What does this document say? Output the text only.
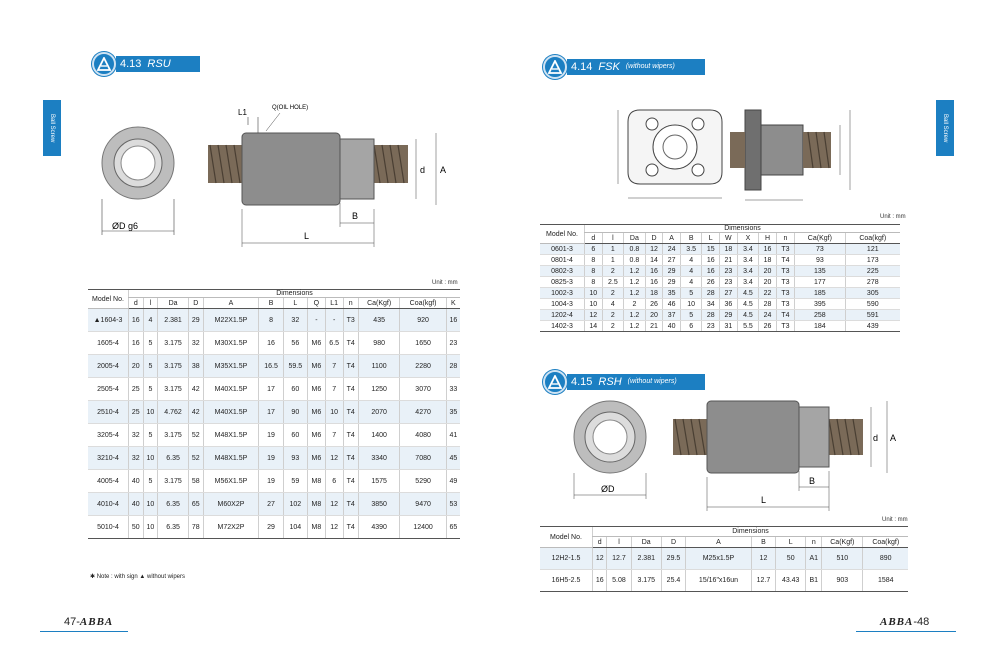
Ball Screw
4.13 RSU
ØD g6
L1	Q(OIL HOLE)
L
B
d A
Unit : mm
Model No.	Dimensions												
	d	l	Da	D	A	B	L	Q	L1	n	Ca(Kgf)	Coa(kgf)	K
▲1604-3	16	4	2.381	29	M22X1.5P	8	32	-	-	T3	435	920	16
1605-4	16	5	3.175	32	M30X1.5P	16	56	M6	6.5	T4	980	1650	23
2005-4	20	5	3.175	38	M35X1.5P	16.5	59.5	M6	7	T4	1100	2280	28
2505-4	25	5	3.175	42	M40X1.5P	17	60	M6	7	T4	1250	3070	33
2510-4	25	10	4.762	42	M40X1.5P	17	90	M6	10	T4	2070	4270	35
3205-4	32	5	3.175	52	M48X1.5P	19	60	M6	7	T4	1400	4080	41
3210-4	32	10	6.35	52	M48X1.5P	19	93	M6	12	T4	3340	7080	45
4005-4	40	5	3.175	58	M56X1.5P	19	59	M8	6	T4	1575	5290	49
4010-4	40	10	6.35	65	M60X2P	27	102	M8	12	T4	3850	9470	53
5010-4	50	10	6.35	78	M72X2P	29	104	M8	12	T4	4390	12400	65
✱ Note : with sign ▲ without wipers
47-ABBA
Ball Screw
4.14 FSK (without wipers)
Unit : mm
Model No.	Dimensions												
	d	l	Da	D	A	B	L	W	X	H	n	Ca(Kgf)	Coa(kgf)
0601-3	6	1	0.8	12	24	3.5	15	18	3.4	16	T3	73	121
0801-4	8	1	0.8	14	27	4	16	21	3.4	18	T4	93	173
0802-3	8	2	1.2	16	29	4	16	23	3.4	20	T3	135	225
0825-3	8	2.5	1.2	16	29	4	26	23	3.4	20	T3	177	278
1002-3	10	2	1.2	18	35	5	28	27	4.5	22	T3	185	305
1004-3	10	4	2	26	46	10	34	36	4.5	28	T3	395	590
1202-4	12	2	1.2	20	37	5	28	29	4.5	24	T4	258	591
1402-3	14	2	1.2	21	40	6	23	31	5.5	26	T3	184	439
4.15 RSH (without wipers)
ØD
L
B
d A
Unit : mm
Model No.	Dimensions									
	d	l	Da	D	A	B	L	n	Ca(Kgf)	Coa(kgf)
12H2-1.5	12	12.7	2.381	29.5	M25x1.5P	12	50	A1	510	890
16H5-2.5	16	5.08	3.175	25.4	15/16"x16un	12.7	43.43	B1	903	1584
ABBA-48
